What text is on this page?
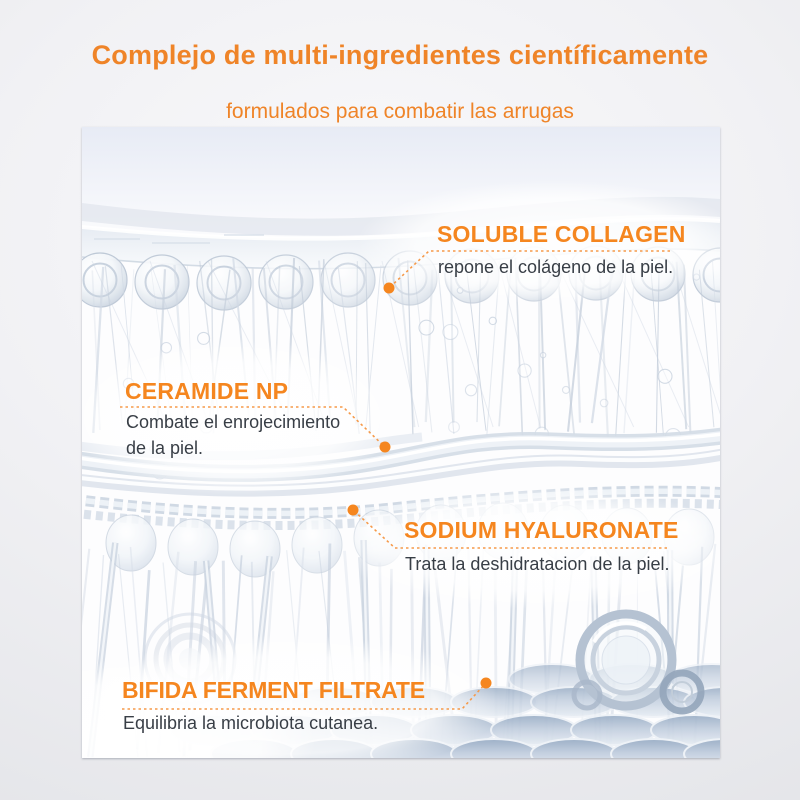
Complejo de multi-ingredientes científicamente

formulados para combatir las arrugas
SOLUBLE COLLAGEN
repone el colágeno de la piel.
CERAMIDE NP
Combate el enrojecimiento de la piel.
SODIUM HYALURONATE
Trata la deshidratacion de la piel.
BIFIDA FERMENT FILTRATE
Equilibria la microbiota cutanea.
